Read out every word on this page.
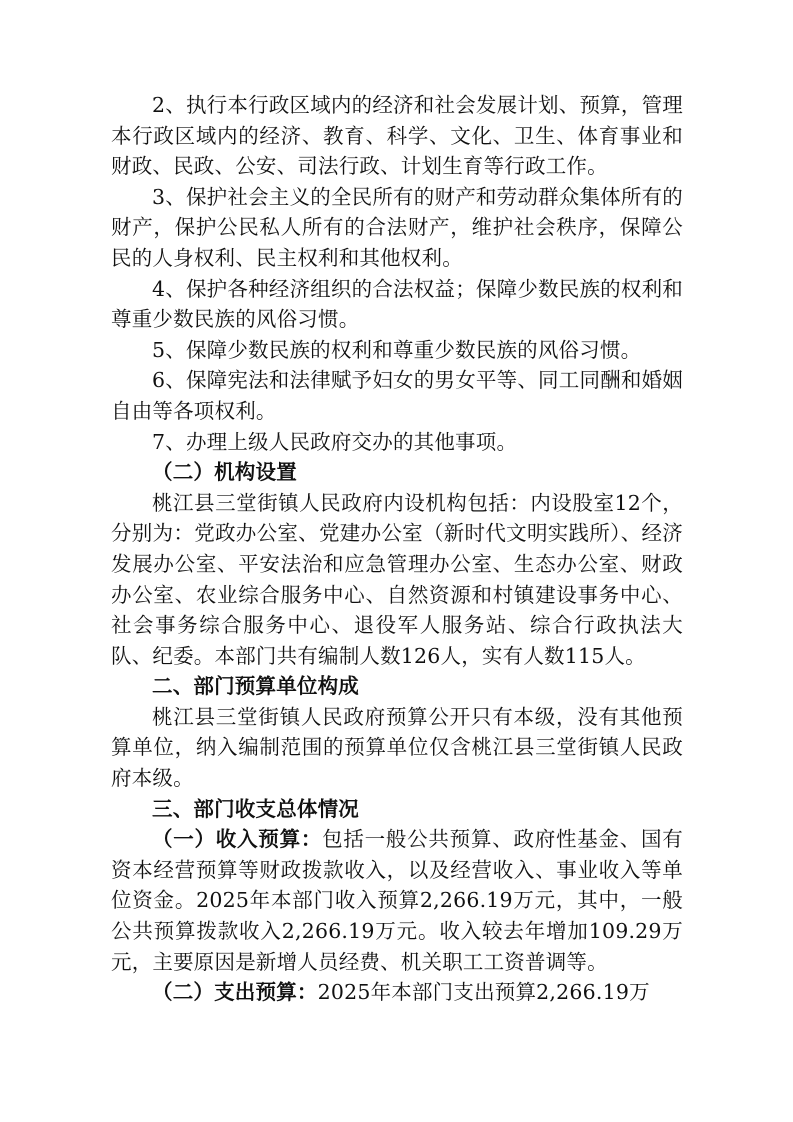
2、执行本行政区域内的经济和社会发展计划、预算，管理本行政区域内的经济、教育、科学、文化、卫生、体育事业和财政、民政、公安、司法行政、计划生育等行政工作。

3、保护社会主义的全民所有的财产和劳动群众集体所有的财产，保护公民私人所有的合法财产，维护社会秩序，保障公民的人身权利、民主权利和其他权利。

4、保护各种经济组织的合法权益；保障少数民族的权利和尊重少数民族的风俗习惯。

5、保障少数民族的权利和尊重少数民族的风俗习惯。

6、保障宪法和法律赋予妇女的男女平等、同工同酬和婚姻自由等各项权利。

7、办理上级人民政府交办的其他事项。

（二）机构设置

桃江县三堂街镇人民政府内设机构包括：内设股室12个，分别为：党政办公室、党建办公室（新时代文明实践所）、经济发展办公室、平安法治和应急管理办公室、生态办公室、财政办公室、农业综合服务中心、自然资源和村镇建设事务中心、社会事务综合服务中心、退役军人服务站、综合行政执法大队、纪委。本部门共有编制人数126人，实有人数115人。

二、部门预算单位构成

桃江县三堂街镇人民政府预算公开只有本级，没有其他预算单位，纳入编制范围的预算单位仅含桃江县三堂街镇人民政府本级。

三、部门收支总体情况

（一）收入预算：包括一般公共预算、政府性基金、国有资本经营预算等财政拨款收入，以及经营收入、事业收入等单位资金。2025年本部门收入预算2,266.19万元，其中，一般公共预算拨款收入2,266.19万元。收入较去年增加109.29万元，主要原因是新增人员经费、机关职工工资普调等。

（二）支出预算：2025年本部门支出预算2,266.19万
